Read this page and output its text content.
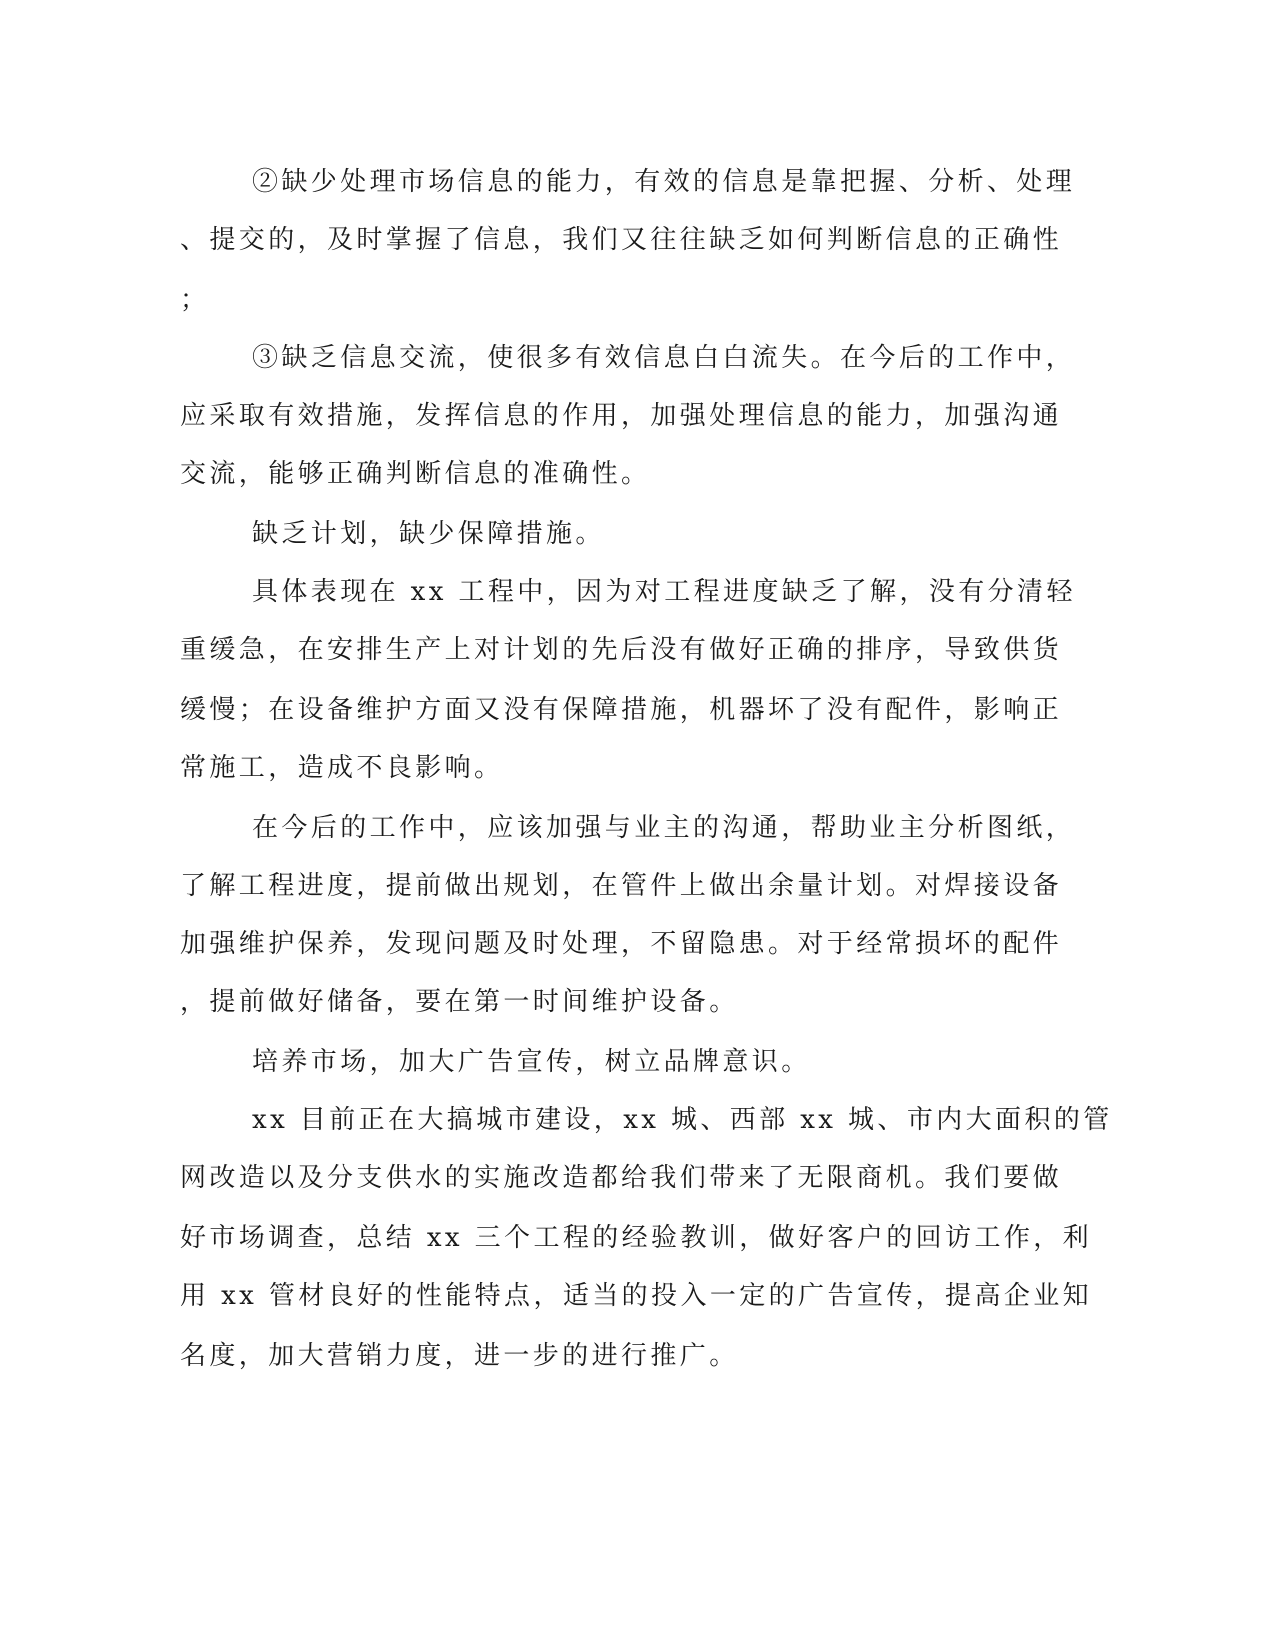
②缺少处理市场信息的能力，有效的信息是靠把握、分析、处理
、提交的，及时掌握了信息，我们又往往缺乏如何判断信息的正确性
；
③缺乏信息交流，使很多有效信息白白流失。在今后的工作中，
应采取有效措施，发挥信息的作用，加强处理信息的能力，加强沟通
交流，能够正确判断信息的准确性。
缺乏计划，缺少保障措施。
具体表现在 xx 工程中，因为对工程进度缺乏了解，没有分清轻
重缓急，在安排生产上对计划的先后没有做好正确的排序，导致供货
缓慢；在设备维护方面又没有保障措施，机器坏了没有配件，影响正
常施工，造成不良影响。
在今后的工作中，应该加强与业主的沟通，帮助业主分析图纸，
了解工程进度，提前做出规划，在管件上做出余量计划。对焊接设备
加强维护保养，发现问题及时处理，不留隐患。对于经常损坏的配件
，提前做好储备，要在第一时间维护设备。
培养市场，加大广告宣传，树立品牌意识。
xx 目前正在大搞城市建设，xx 城、西部 xx 城、市内大面积的管
网改造以及分支供水的实施改造都给我们带来了无限商机。我们要做
好市场调查，总结 xx 三个工程的经验教训，做好客户的回访工作，利
用 xx 管材良好的性能特点，适当的投入一定的广告宣传，提高企业知
名度，加大营销力度，进一步的进行推广。
